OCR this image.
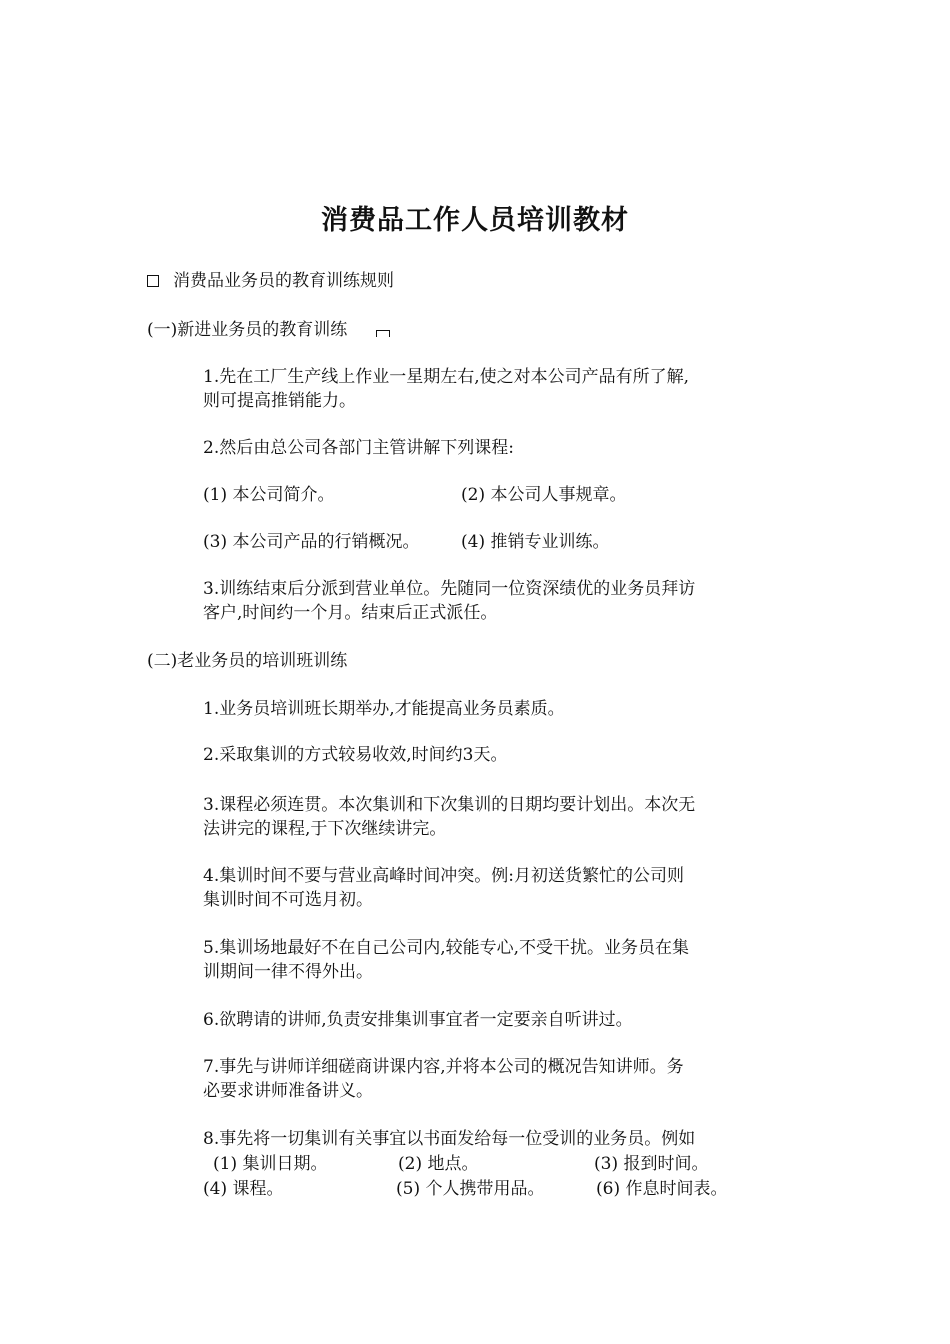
消费品工作人员培训教材
消费品业务员的教育训练规则
(一)新进业务员的教育训练
1.先在工厂生产线上作业一星期左右,使之对本公司产品有所了解,
则可提高推销能力。
2.然后由总公司各部门主管讲解下列课程:
(1) 本公司简介。	(2) 本公司人事规章。
(3) 本公司产品的行销概况。 (4) 推销专业训练。
3.训练结束后分派到营业单位。先随同一位资深绩优的业务员拜访
客户,时间约一个月。结束后正式派任。
(二)老业务员的培训班训练
1.业务员培训班长期举办,才能提高业务员素质。
2.采取集训的方式较易收效,时间约3天。
3.课程必须连贯。本次集训和下次集训的日期均要计划出。本次无
法讲完的课程,于下次继续讲完。
4.集训时间不要与营业高峰时间冲突。例:月初送货繁忙的公司则
集训时间不可选月初。
5.集训场地最好不在自己公司内,较能专心,不受干扰。业务员在集
训期间一律不得外出。
6.欲聘请的讲师,负责安排集训事宜者一定要亲自听讲过。
7.事先与讲师详细磋商讲课内容,并将本公司的概况告知讲师。务
必要求讲师准备讲义。
8.事先将一切集训有关事宜以书面发给每一位受训的业务员。例如
(1) 集训日期。	(2) 地点。	(3) 报到时间。
(4) 课程。	(5) 个人携带用品。	(6) 作息时间表。
